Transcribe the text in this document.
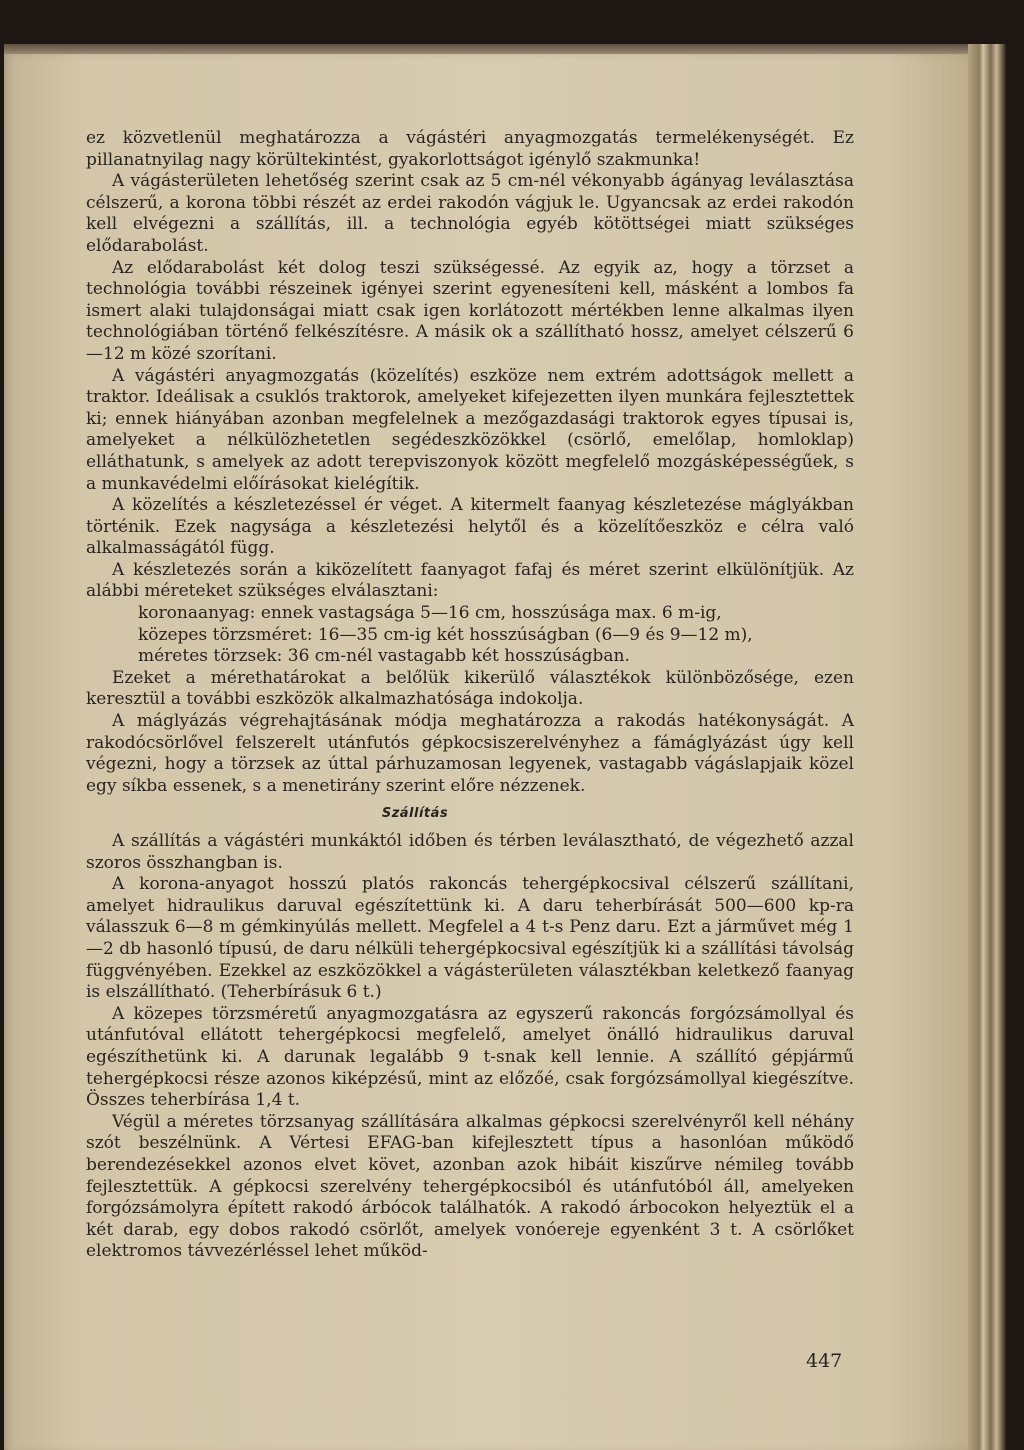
ez közvetlenül meghatározza a vágástéri anyagmozgatás termelékenységét. Ez pillanatnyilag nagy körültekintést, gyakorlottságot igénylő szakmunka!

A vágásterületen lehetőség szerint csak az 5 cm-nél vékonyabb ágányag leválasztása célszerű, a korona többi részét az erdei rakodón vágjuk le. Ugyancsak az erdei rakodón kell elvégezni a szállítás, ill. a technológia egyéb kötöttségei miatt szükséges elődarabolást.

Az elődarabolást két dolog teszi szükségessé. Az egyik az, hogy a törzset a technológia további részeinek igényei szerint egyenesíteni kell, másként a lombos fa ismert alaki tulajdonságai miatt csak igen korlátozott mértékben lenne alkalmas ilyen technológiában történő felkészítésre. A másik ok a szállítható hossz, amelyet célszerű 6—12 m közé szorítani.

A vágástéri anyagmozgatás (közelítés) eszköze nem extrém adottságok mellett a traktor. Ideálisak a csuklós traktorok, amelyeket kifejezetten ilyen munkára fejlesztettek ki; ennek hiányában azonban megfelelnek a mezőgazdasági traktorok egyes típusai is, amelyeket a nélkülözhetetlen segédeszközökkel (csörlő, emelőlap, homloklap) elláthatunk, s amelyek az adott terepviszonyok között megfelelő mozgásképességűek, s a munkavédelmi előírásokat kielégítik.

A közelítés a készletezéssel ér véget. A kitermelt faanyag készletezése máglyákban történik. Ezek nagysága a készletezési helytől és a közelítőeszköz e célra való alkalmasságától függ.

A készletezés során a kiközelített faanyagot fafaj és méret szerint elkülönítjük. Az alábbi méreteket szükséges elválasztani:

koronaanyag: ennek vastagsága 5—16 cm, hosszúsága max. 6 m-ig,
közepes törzsméret: 16—35 cm-ig két hosszúságban (6—9 és 9—12 m),
méretes törzsek: 36 cm-nél vastagabb két hosszúságban.

Ezeket a mérethatárokat a belőlük kikerülő választékok különbözősége, ezen keresztül a további eszközök alkalmazhatósága indokolja.

A máglyázás végrehajtásának módja meghatározza a rakodás hatékonyságát. A rakodócsörlővel felszerelt utánfutós gépkocsiszerelvényhez a fámáglyázást úgy kell végezni, hogy a törzsek az úttal párhuzamosan legyenek, vastagabb vágáslapjaik közel egy síkba essenek, s a menetirány szerint előre nézzenek.

Szállítás

A szállítás a vágástéri munkáktól időben és térben leválasztható, de végezhető azzal szoros összhangban is.

A korona-anyagot hosszú platós rakoncás tehergépkocsival célszerű szállítani, amelyet hidraulikus daruval egészítettünk ki. A daru teherbírását 500—600 kp-ra válasszuk 6—8 m gémkinyúlás mellett. Megfelel a 4 t-s Penz daru. Ezt a járművet még 1—2 db hasonló típusú, de daru nélküli tehergépkocsival egészítjük ki a szállítási távolság függvényében. Ezekkel az eszközökkel a vágásterületen választékban keletkező faanyag is elszállítható. (Teherbírásuk 6 t.)

A közepes törzsméretű anyagmozgatásra az egyszerű rakoncás forgózsámollyal és utánfutóval ellátott tehergépkocsi megfelelő, amelyet önálló hidraulikus daruval egészíthetünk ki. A darunak legalább 9 t-snak kell lennie. A szállító gépjármű tehergépkocsi része azonos kiképzésű, mint az előzőé, csak forgózsámollyal kiegészítve. Összes teherbírása 1,4 t.

Végül a méretes törzsanyag szállítására alkalmas gépkocsi szerelvényről kell néhány szót beszélnünk. A Vértesi EFAG-ban kifejlesztett típus a hasonlóan működő berendezésekkel azonos elvet követ, azonban azok hibáit kiszűrve némileg tovább fejlesztettük. A gépkocsi szerelvény tehergépkocsiból és utánfutóból áll, amelyeken forgózsámolyra épített rakodó árbócok találhatók. A rakodó árbocokon helyeztük el a két darab, egy dobos rakodó csörlőt, amelyek vonóereje egyenként 3 t. A csörlőket elektromos távvezérléssel lehet működ-

447
